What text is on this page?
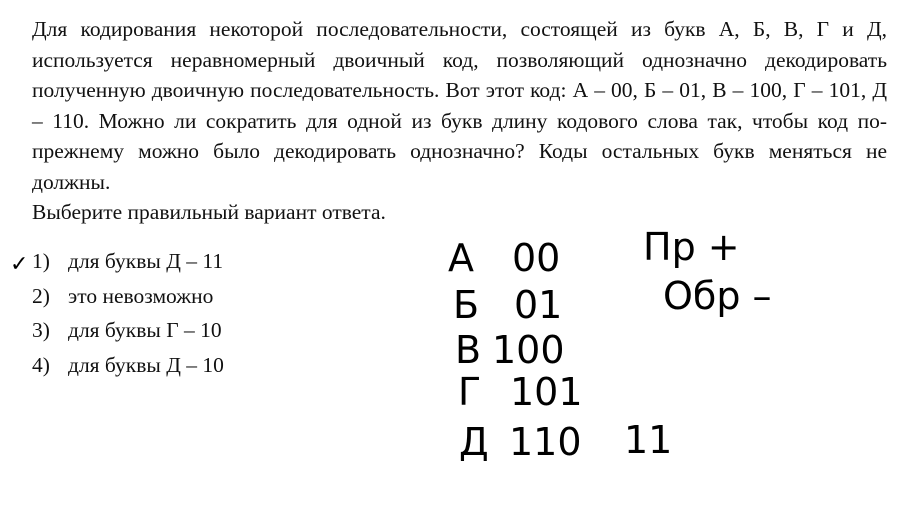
Для кодирования некоторой последовательности, состоящей из букв А, Б, В, Г и Д, используется неравномерный двоичный код, позволяющий однозначно декодировать полученную двоичную последовательность. Вот этот код: А – 00, Б – 01, В – 100, Г – 101, Д – 110. Можно ли сократить для одной из букв длину кодового слова так, чтобы код по-прежнему можно было декодировать однозначно? Коды остальных букв меняться не должны.
Выберите правильный вариант ответа.
1) для буквы Д – 11
2) это невозможно
3) для буквы Г – 10
4) для буквы Д – 10
✓	А 00
Б 01
В 100
Г 101
Д 110 11
Пр +
Обр –
